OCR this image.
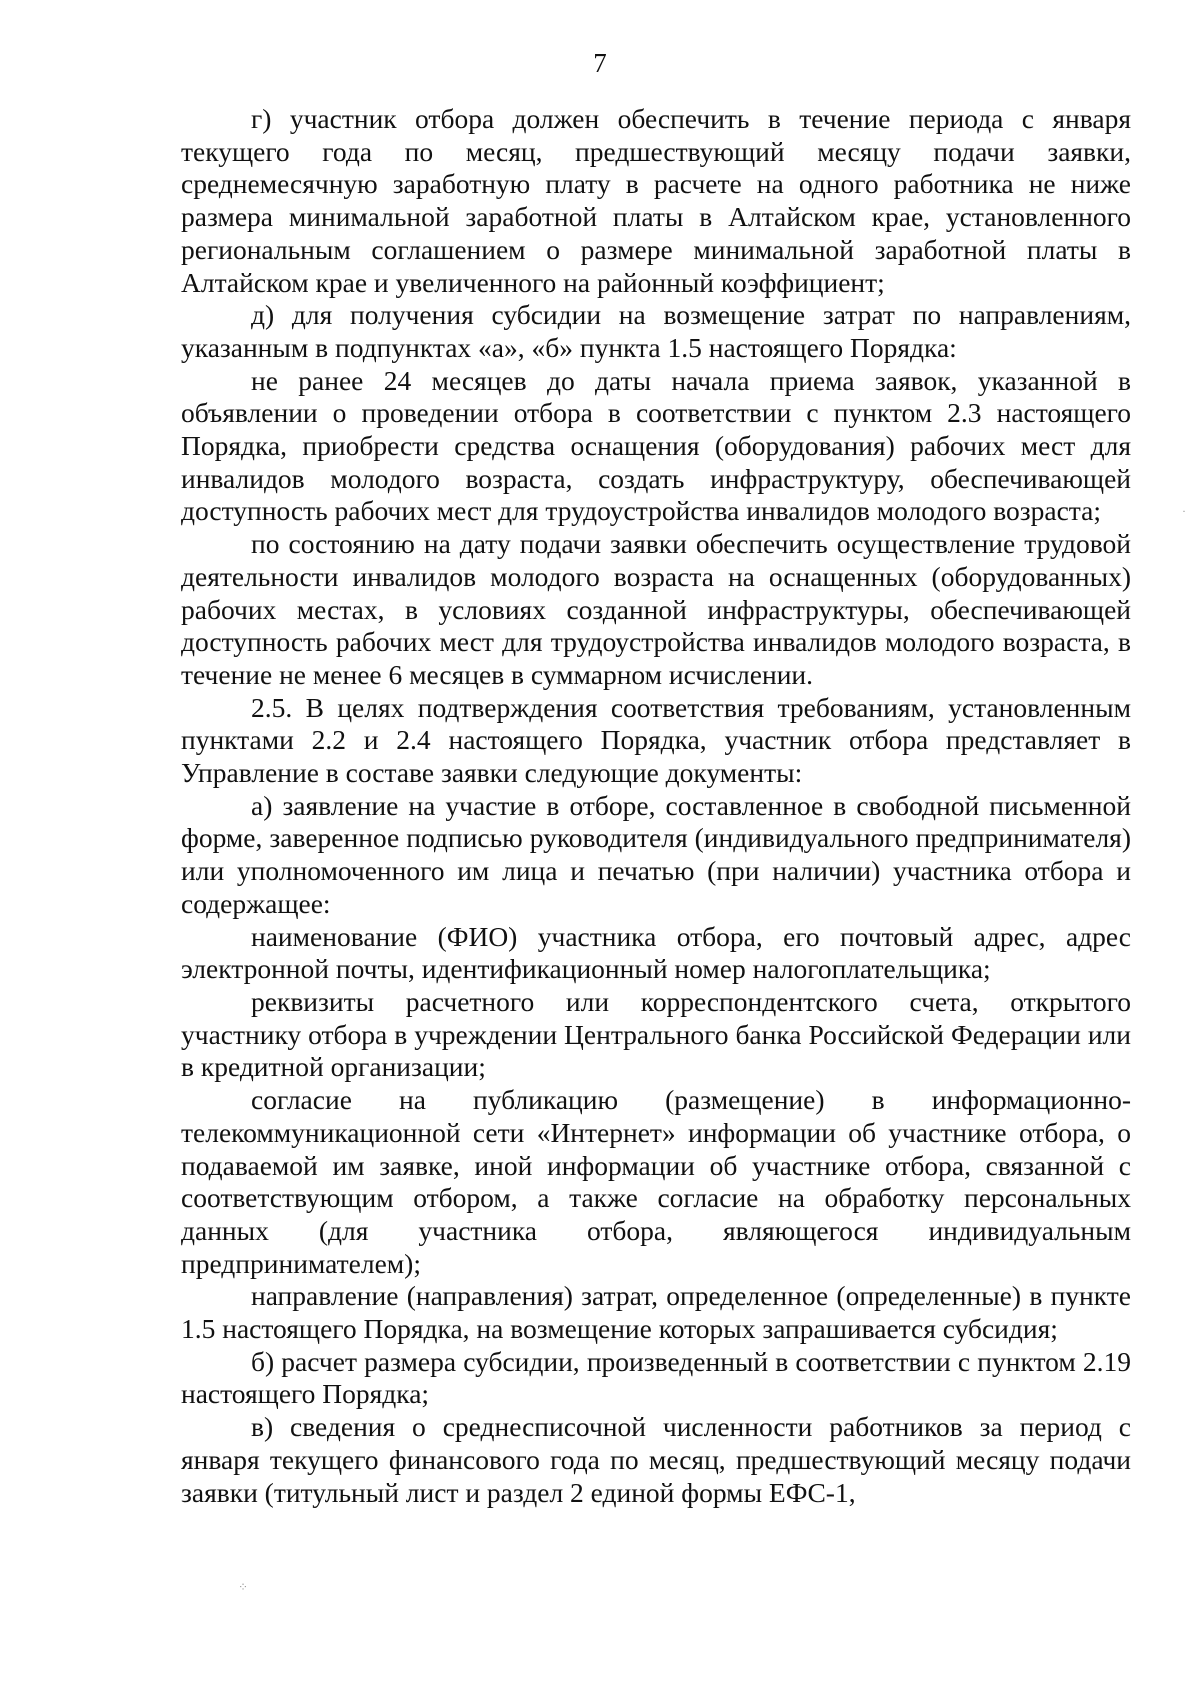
7

г) участник отбора должен обеспечить в течение периода с января текущего года по месяц, предшествующий месяцу подачи заявки, среднемесячную заработную плату в расчете на одного работника не ниже размера минимальной заработной платы в Алтайском крае, установленного региональным соглашением о размере минимальной заработной платы в Алтайском крае и увеличенного на районный коэффициент;

д) для получения субсидии на возмещение затрат по направлениям, указанным в подпунктах «а», «б» пункта 1.5 настоящего Порядка:

не ранее 24 месяцев до даты начала приема заявок, указанной в объявлении о проведении отбора в соответствии с пунктом 2.3 настоящего Порядка, приобрести средства оснащения (оборудования) рабочих мест для инвалидов молодого возраста, создать инфраструктуру, обеспечивающей доступность рабочих мест для трудоустройства инвалидов молодого возраста;

по состоянию на дату подачи заявки обеспечить осуществление трудовой деятельности инвалидов молодого возраста на оснащенных (оборудованных) рабочих местах, в условиях созданной инфраструктуры, обеспечивающей доступность рабочих мест для трудоустройства инвалидов молодого возраста, в течение не менее 6 месяцев в суммарном исчислении.

2.5. В целях подтверждения соответствия требованиям, установленным пунктами 2.2 и 2.4 настоящего Порядка, участник отбора представляет в Управление в составе заявки следующие документы:

а) заявление на участие в отборе, составленное в свободной письменной форме, заверенное подписью руководителя (индивидуального предпринимателя) или уполномоченного им лица и печатью (при наличии) участника отбора и содержащее:

наименование (ФИО) участника отбора, его почтовый адрес, адрес электронной почты, идентификационный номер налогоплательщика;

реквизиты расчетного или корреспондентского счета, открытого участнику отбора в учреждении Центрального банка Российской Федерации или в кредитной организации;

согласие на публикацию (размещение) в информационно-телекоммуникационной сети «Интернет» информации об участнике отбора, о подаваемой им заявке, иной информации об участнике отбора, связанной с соответствующим отбором, а также согласие на обработку персональных данных (для участника отбора, являющегося индивидуальным предпринимателем);

направление (направления) затрат, определенное (определенные) в пункте 1.5 настоящего Порядка, на возмещение которых запрашивается субсидия;

б) расчет размера субсидии, произведенный в соответствии с пунктом 2.19 настоящего Порядка;

в) сведения о среднесписочной численности работников за период с января текущего финансового года по месяц, предшествующий месяцу подачи заявки (титульный лист и раздел 2 единой формы ЕФС-1,

·
⁘
